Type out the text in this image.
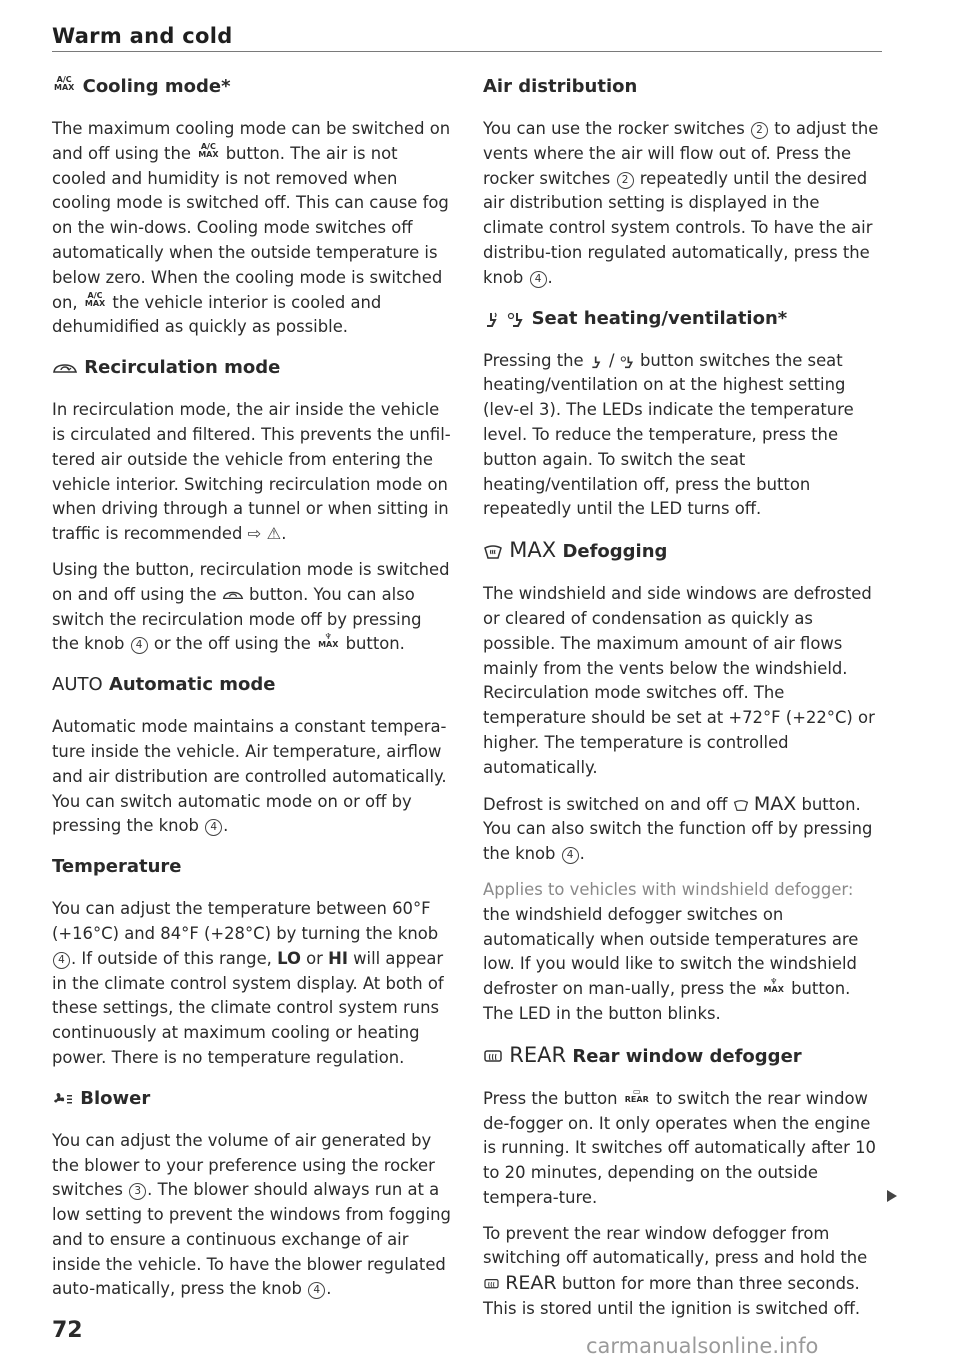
Warm and cold
A/C
MAX Cooling mode*

The maximum cooling mode can be switched on and off using the A/C
MAX button. The air is not cooled and humidity is not removed when cooling mode is switched off. This can cause fog on the win-dows. Cooling mode switches off automatically when the outside temperature is below zero. When the cooling mode is switched on, A/C
MAX the vehicle interior is cooled and dehumidified as quickly as possible.

Recirculation mode

In recirculation mode, the air inside the vehicle is circulated and filtered. This prevents the unfil-tered air outside the vehicle from entering the vehicle interior. Switching recirculation mode on when driving through a tunnel or when sitting in traffic is recommended ⇨ ⚠.

Using the button, recirculation mode is switched on and off using the button. You can also switch the recirculation mode off by pressing the knob 4 or the off using the ♆
MAX button.

AUTO Automatic mode

Automatic mode maintains a constant tempera-ture inside the vehicle. Air temperature, airflow and air distribution are controlled automatically. You can switch automatic mode on or off by pressing the knob 4 .

Temperature

You can adjust the temperature between 60°F (+16°C) and 84°F (+28°C) by turning the knob 4 . If outside of this range, LO or HI will appear in the climate control system display. At both of these settings, the climate control system runs continuously at maximum cooling or heating power. There is no temperature regulation.

Blower

You can adjust the volume of air generated by the blower to your preference using the rocker switches 3 . The blower should always run at a low setting to prevent the windows from fogging and to ensure a continuous exchange of air inside the vehicle. To have the blower regulated auto-matically, press the knob 4 .

Air distribution

You can use the rocker switches 2 to adjust the vents where the air will flow out of. Press the rocker switches 2 repeatedly until the desired air distribution setting is displayed in the climate control system controls. To have the air distribu-tion regulated automatically, press the knob 4 .

Seat heating/ventilation*

Pressing the / button switches the seat heating/ventilation on at the highest setting (lev-el 3). The LEDs indicate the temperature level. To reduce the temperature, press the button again. To switch the seat heating/ventilation off, press the button repeatedly until the LED turns off.

MAX Defogging

The windshield and side windows are defrosted or cleared of condensation as quickly as possible. The maximum amount of air flows mainly from the vents below the windshield. Recirculation mode switches off. The temperature should be set at +72°F (+22°C) or higher. The temperature is controlled automatically.

Defrost is switched on and off MAX button. You can also switch the function off by pressing the knob 4 .

Applies to vehicles with windshield defogger: the windshield defogger switches on automatically when outside temperatures are low. If you would like to switch the windshield defroster on man-ually, press the ♆
MAX button. The LED in the button blinks.

REAR Rear window defogger

Press the button ▭
REAR to switch the rear window de-fogger on. It only operates when the engine is running. It switches off automatically after 10 to 20 minutes, depending on the outside tempera-ture.

To prevent the rear window defogger from switching off automatically, press and hold the  REAR button for more than three seconds. This is stored until the ignition is switched off.

72
carmanualsonline.info
